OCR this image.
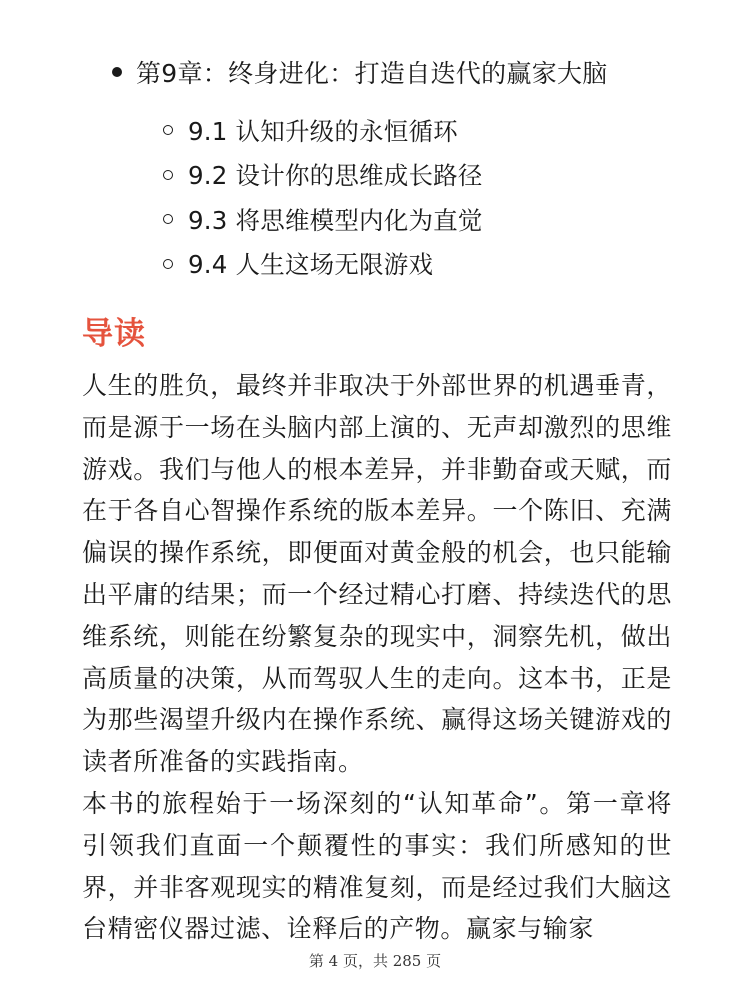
第9章：终身进化：打造自迭代的赢家大脑
9.1 认知升级的永恒循环
9.2 设计你的思维成长路径
9.3 将思维模型内化为直觉
9.4 人生这场无限游戏
导读

人生的胜负，最终并非取决于外部世界的机遇垂青，而是源于一场在头脑内部上演的、无声却激烈的思维游戏。我们与他人的根本差异，并非勤奋或天赋，而在于各自心智操作系统的版本差异。一个陈旧、充满偏误的操作系统，即便面对黄金般的机会，也只能输出平庸的结果；而一个经过精心打磨、持续迭代的思维系统，则能在纷繁复杂的现实中，洞察先机，做出高质量的决策，从而驾驭人生的走向。这本书，正是为那些渴望升级内在操作系统、赢得这场关键游戏的读者所准备的实践指南。

本书的旅程始于一场深刻的“认知革命”。第一章将引领我们直面一个颠覆性的事实：我们所感知的世界，并非客观现实的精准复刻，而是经过我们大脑这台精密仪器过滤、诠释后的产物。赢家与输家

第 4 页，共 285 页
